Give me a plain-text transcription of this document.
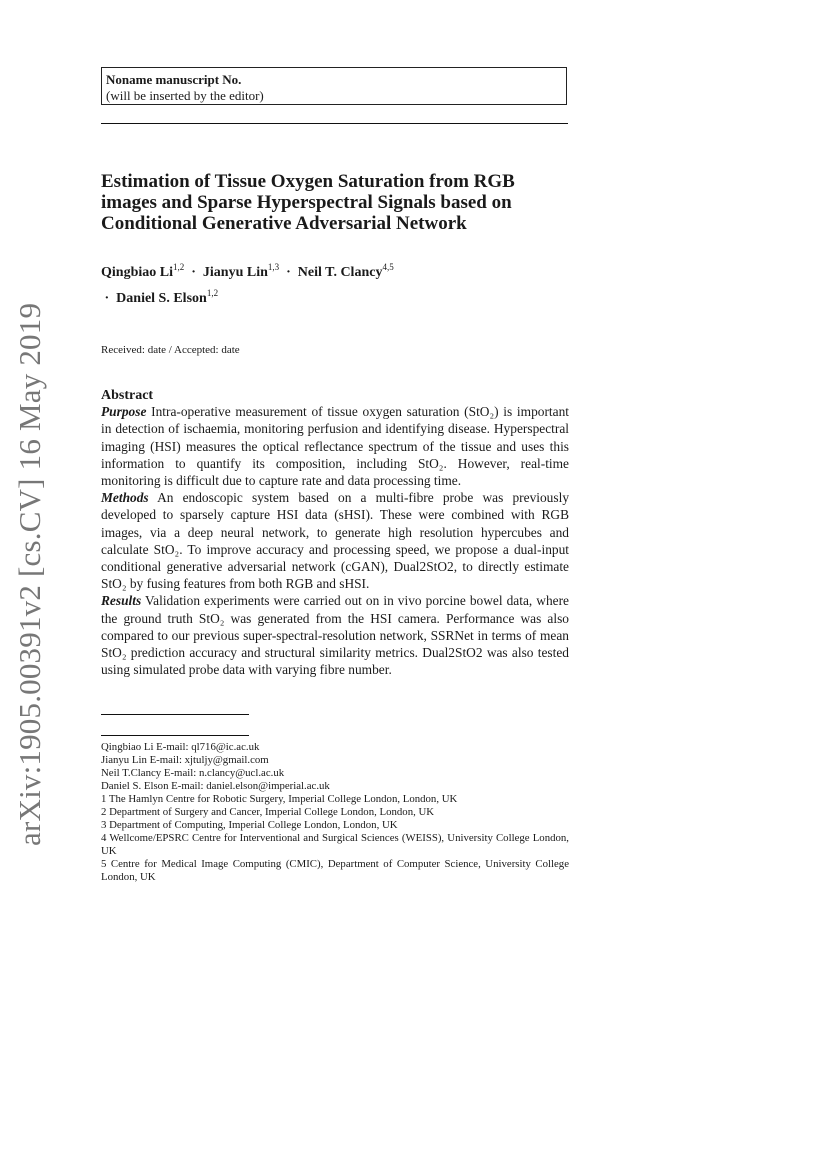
arXiv:1905.00391v2 [cs.CV] 16 May 2019
Noname manuscript No.
(will be inserted by the editor)
Estimation of Tissue Oxygen Saturation from RGB images and Sparse Hyperspectral Signals based on Conditional Generative Adversarial Network
Qingbiao Li$^{1,2}$  ·  Jianyu Lin$^{1,3}$  ·  Neil T. Clancy$^{4,5}$  ·  Daniel S. Elson$^{1,2}$
Received: date / Accepted: date
Abstract

Purpose Intra-operative measurement of tissue oxygen saturation (StO₂) is important in detection of ischaemia, monitoring perfusion and identifying disease. Hyperspectral imaging (HSI) measures the optical reflectance spectrum of the tissue and uses this information to quantify its composition, including StO₂. However, real-time monitoring is difficult due to capture rate and data processing time.

Methods An endoscopic system based on a multi-fibre probe was previously developed to sparsely capture HSI data (sHSI). These were combined with RGB images, via a deep neural network, to generate high resolution hypercubes and calculate StO₂. To improve accuracy and processing speed, we propose a dual-input conditional generative adversarial network (cGAN), Dual2StO2, to directly estimate StO₂ by fusing features from both RGB and sHSI.

Results Validation experiments were carried out on in vivo porcine bowel data, where the ground truth StO₂ was generated from the HSI camera. Performance was also compared to our previous super-spectral-resolution network, SSRNet in terms of mean StO₂ prediction accuracy and structural similarity metrics. Dual2StO2 was also tested using simulated probe data with varying fibre number.

Qingbiao Li E-mail: ql716@ic.ac.uk
Jianyu Lin E-mail: xjtuljy@gmail.com
Neil T.Clancy E-mail: n.clancy@ucl.ac.uk
Daniel S. Elson E-mail: daniel.elson@imperial.ac.uk
1 The Hamlyn Centre for Robotic Surgery, Imperial College London, London, UK
2 Department of Surgery and Cancer, Imperial College London, London, UK
3 Department of Computing, Imperial College London, London, UK
4 Wellcome/EPSRC Centre for Interventional and Surgical Sciences (WEISS), University College London, UK
5 Centre for Medical Image Computing (CMIC), Department of Computer Science, University College London, UK
